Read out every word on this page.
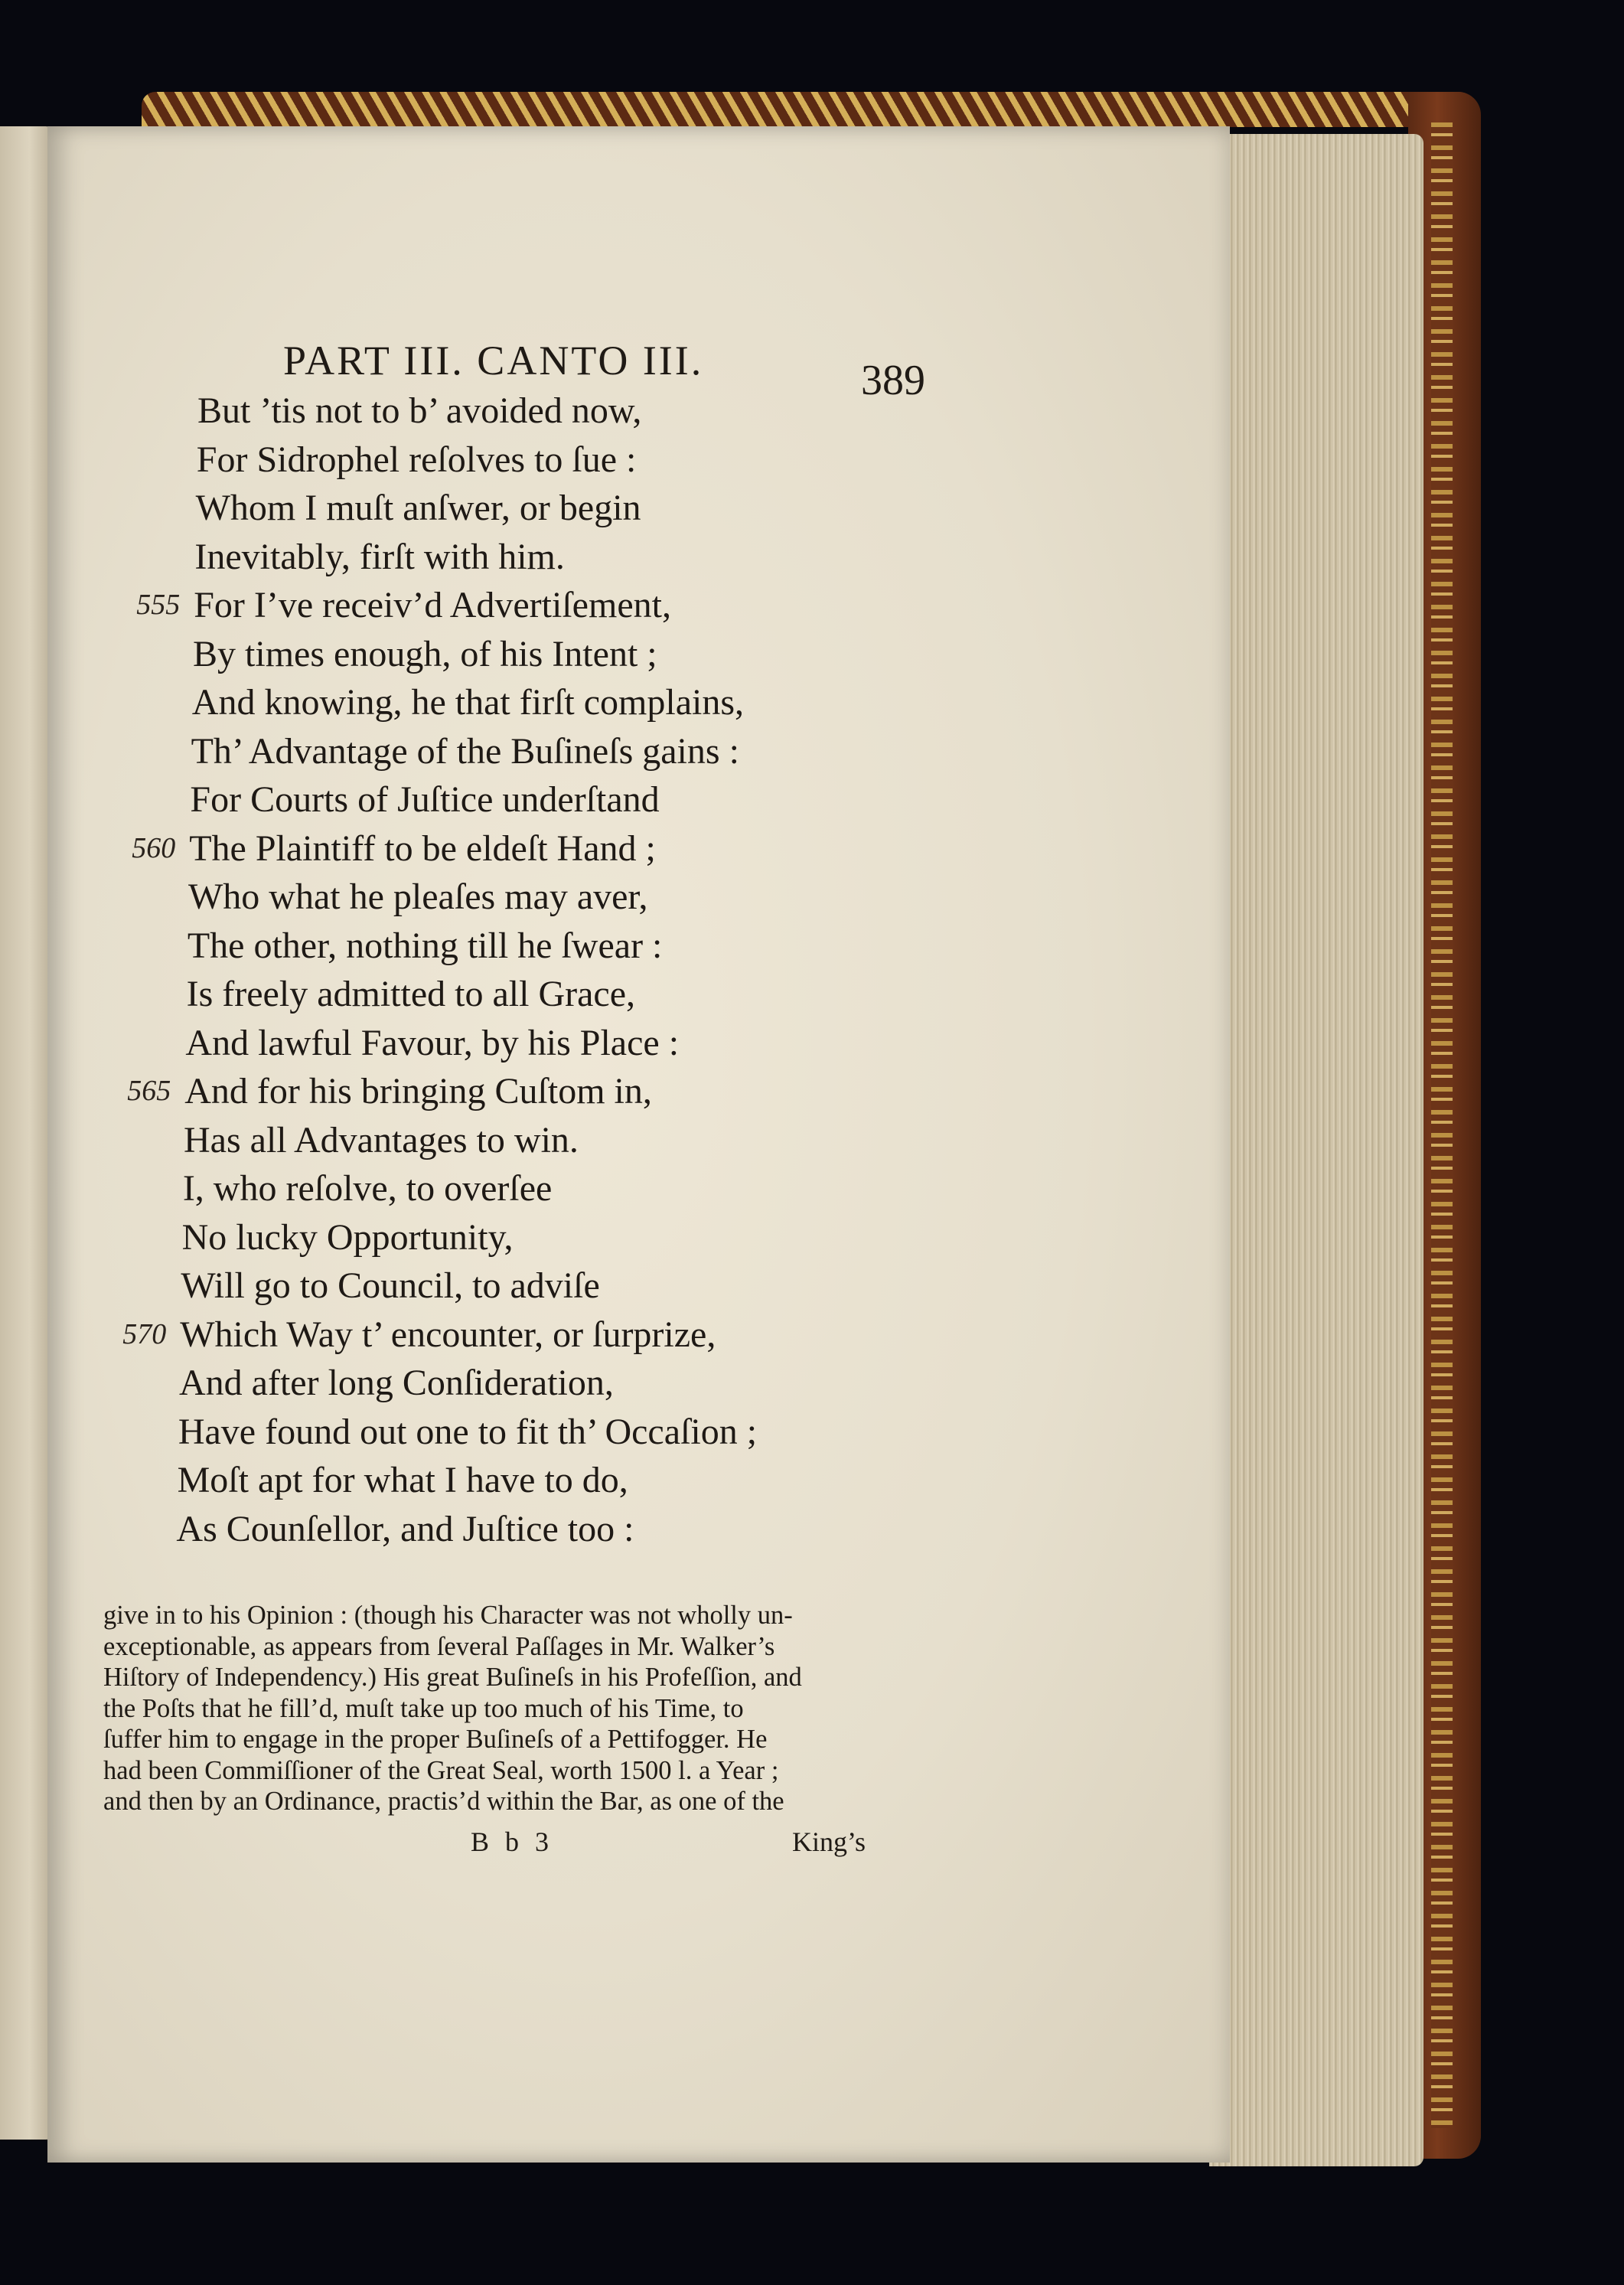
PART III. CANTO III.	389
But ’tis not to b’ avoided now,
For Sidrophel reſolves to ſue :
Whom I muſt anſwer, or begin
Inevitably, firſt with him.
555 For I’ve receiv’d Advertiſement,
By times enough, of his Intent ;
And knowing, he that firſt complains,
Th’ Advantage of the Buſineſs gains :
For Courts of Juſtice underſtand
560 The Plaintiff to be eldeſt Hand ;
Who what he pleaſes may aver,
The other, nothing till he ſwear :
Is freely admitted to all Grace,
And lawful Favour, by his Place :
565 And for his bringing Cuſtom in,
Has all Advantages to win.
I, who reſolve, to overſee
No lucky Opportunity,
Will go to Council, to adviſe
570 Which Way t’ encounter, or ſurprize,
And after long Conſideration,
Have found out one to fit th’ Occaſion ;
Moſt apt for what I have to do,
As Counſellor, and Juſtice too :
give in to his Opinion : (though his Character was not wholly un-
exceptionable, as appears from ſeveral Paſſages in Mr. Walker’s
Hiſtory of Independency.) His great Buſineſs in his Profeſſion, and
the Poſts that he fill’d, muſt take up too much of his Time, to
ſuffer him to engage in the proper Buſineſs of a Pettifogger. He
had been Commiſſioner of the Great Seal, worth 1500 l. a Year ;
and then by an Ordinance, practis’d within the Bar, as one of the
B b 3	King’s
